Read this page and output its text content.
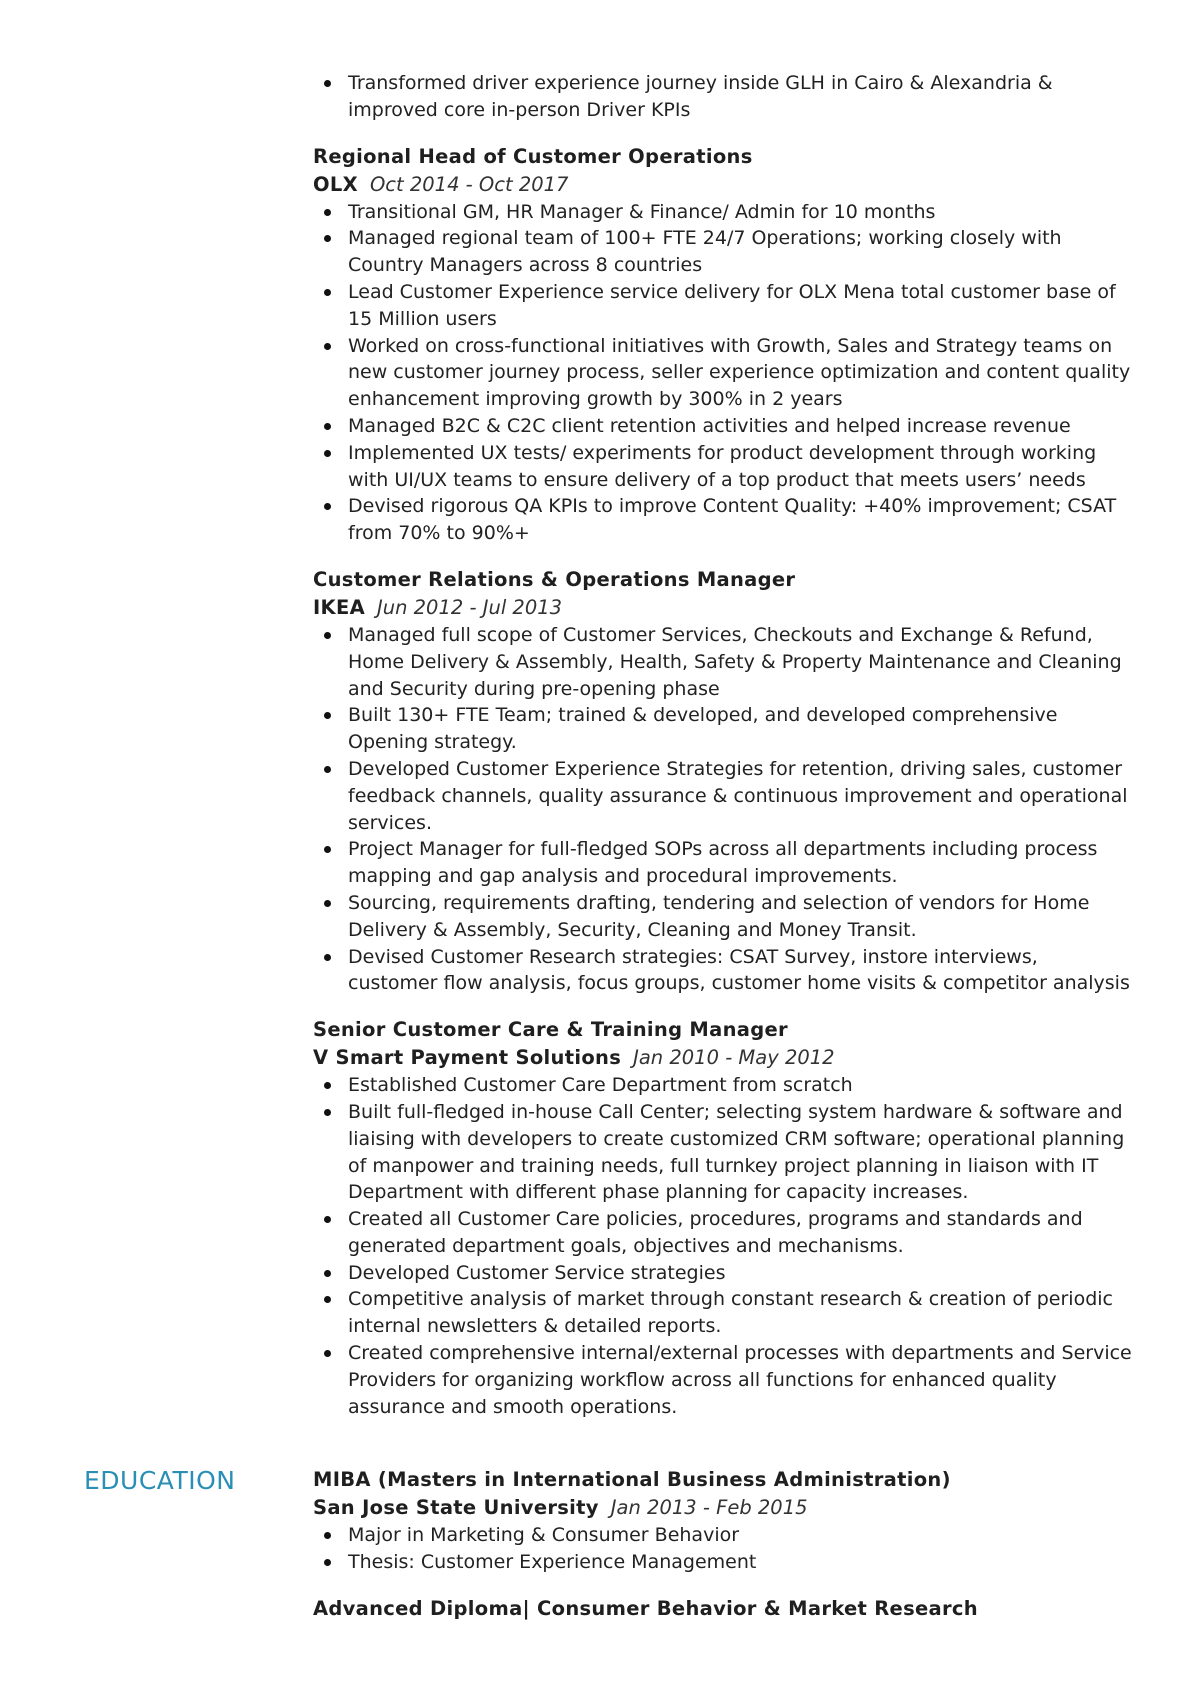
Transformed driver experience journey inside GLH in Cairo & Alexandria & improved core in-person Driver KPIs
Regional Head of Customer Operations
OLX Oct 2014 - Oct 2017
Transitional GM, HR Manager & Finance/ Admin for 10 months
Managed regional team of 100+ FTE 24/7 Operations; working closely with Country Managers across 8 countries
Lead Customer Experience service delivery for OLX Mena total customer base of 15 Million users
Worked on cross-functional initiatives with Growth, Sales and Strategy teams on new customer journey process, seller experience optimization and content quality enhancement improving growth by 300% in 2 years
Managed B2C & C2C client retention activities and helped increase revenue
Implemented UX tests/ experiments for product development through working with UI/UX teams to ensure delivery of a top product that meets users’ needs
Devised rigorous QA KPIs to improve Content Quality: +40% improvement; CSAT from 70% to 90%+
Customer Relations & Operations Manager
IKEA Jun 2012 - Jul 2013
Managed full scope of Customer Services, Checkouts and Exchange & Refund, Home Delivery & Assembly, Health, Safety & Property Maintenance and Cleaning and Security during pre-opening phase
Built 130+ FTE Team; trained & developed, and developed comprehensive Opening strategy.
Developed Customer Experience Strategies for retention, driving sales, customer feedback channels, quality assurance & continuous improvement and operational services.
Project Manager for full-fledged SOPs across all departments including process mapping and gap analysis and procedural improvements.
Sourcing, requirements drafting, tendering and selection of vendors for Home Delivery & Assembly, Security, Cleaning and Money Transit.
Devised Customer Research strategies: CSAT Survey, instore interviews, customer flow analysis, focus groups, customer home visits & competitor analysis
Senior Customer Care & Training Manager
V Smart Payment Solutions Jan 2010 - May 2012
Established Customer Care Department from scratch
Built full-fledged in-house Call Center; selecting system hardware & software and liaising with developers to create customized CRM software; operational planning of manpower and training needs, full turnkey project planning in liaison with IT Department with different phase planning for capacity increases.
Created all Customer Care policies, procedures, programs and standards and generated department goals, objectives and mechanisms.
Developed Customer Service strategies
Competitive analysis of market through constant research & creation of periodic internal newsletters & detailed reports.
Created comprehensive internal/external processes with departments and Service Providers for organizing workflow across all functions for enhanced quality assurance and smooth operations.
EDUCATION	MIBA (Masters in International Business Administration)
San Jose State University Jan 2013 - Feb 2015
Major in Marketing & Consumer Behavior
Thesis: Customer Experience Management
Advanced Diploma| Consumer Behavior & Market Research
